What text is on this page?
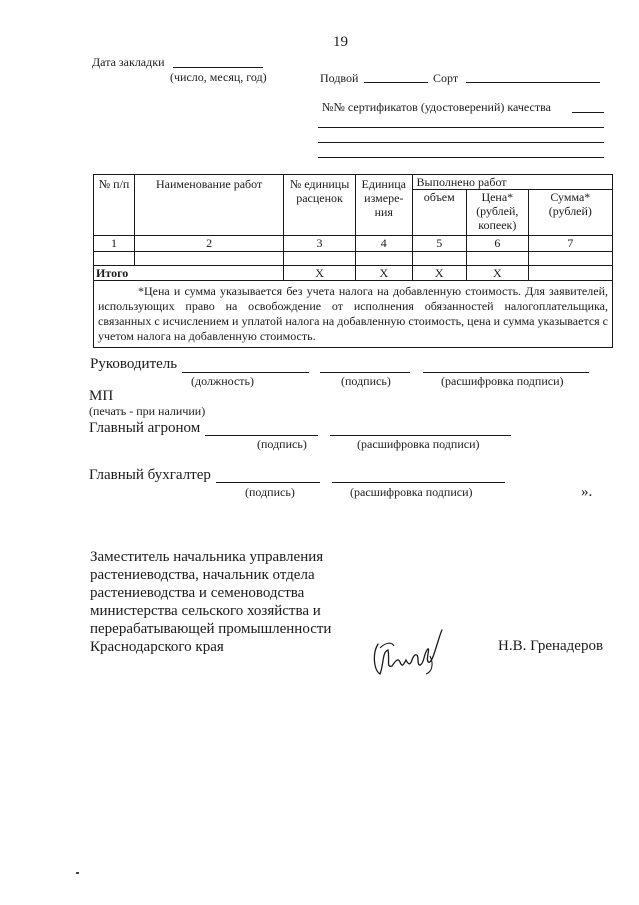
19
Дата закладки
(число, месяц, год)	Подвой	Сорт
№№ сертификатов (удостоверений) качества
№ п/п	Наименование работ	№ единицы расценок	Единица измере-ния	Выполнено работ		
				объем	Цена* (рублей, копеек)	Сумма* (рублей)
1	2	3	4	5	6	7

Итого		Х	Х	Х	Х	

*Цена и сумма указывается без учета налога на добавленную стоимость. Для заявителей, использующих право на освобождение от исполнения обязанностей налогоплательщика, связанных с исчислением и уплатой налога на добавленную стоимость, цена и сумма указывается с учетом налога на добавленную стоимость.						
Руководитель
(должность)	(подпись)	(расшифровка подписи)
МП
(печать - при наличии)
Главный агроном
(подпись)	(расшифровка подписи)
Главный бухгалтер
(подпись)	(расшифровка подписи)	».
Заместитель начальника управления
растениеводства, начальник отдела
растениеводства и семеноводства
министерства сельского хозяйства и
перерабатывающей промышленности
Краснодарского края	Н.В. Гренадеров
